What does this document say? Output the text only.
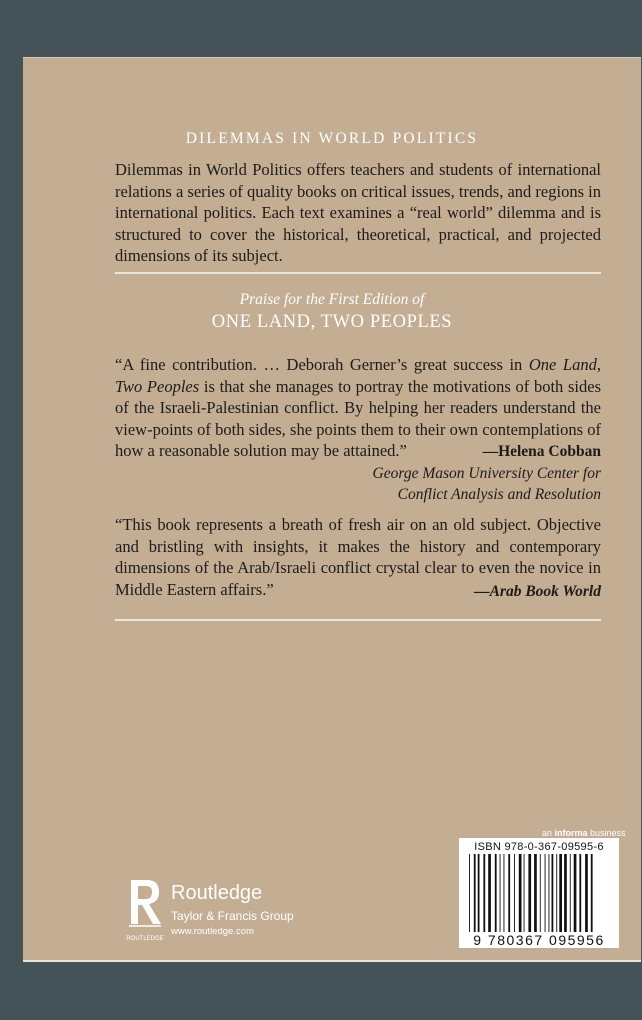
DILEMMAS IN WORLD POLITICS
Dilemmas in World Politics offers teachers and students of international relations a series of quality books on critical issues, trends, and regions in international politics. Each text examines a “real world” dilemma and is structured to cover the historical, theoretical, practical, and projected dimensions of its subject.
Praise for the First Edition of
ONE LAND, TWO PEOPLES
“A fine contribution. … Deborah Gerner’s great success in One Land, Two Peoples is that she manages to portray the motivations of both sides of the Israeli-Palestinian conflict. By helping her readers understand the view-points of both sides, she points them to their own contemplations of how a reasonable solution may be attained.”	—Helena Cobban
George Mason University Center for
Conflict Analysis and Resolution
“This book represents a breath of fresh air on an old subject. Objective and bristling with insights, it makes the history and contemporary dimensions of the Arab/Israeli conflict crystal clear to even the novice in Middle Eastern affairs.”	—Arab Book World
an informa business
ISBN 978-0-367-09595-6
9 780367 095956
ROUTLEDGE
Routledge
Taylor & Francis Group
www.routledge.com
